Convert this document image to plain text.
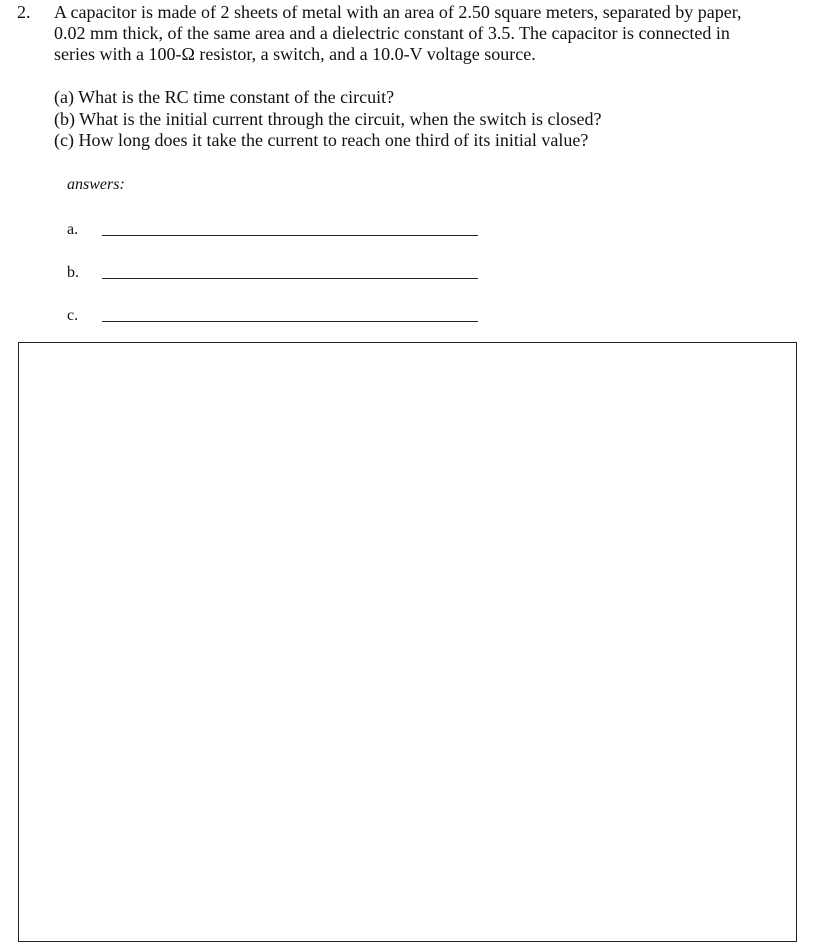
2. A capacitor is made of 2 sheets of metal with an area of 2.50 square meters, separated by paper,
0.02 mm thick, of the same area and a dielectric constant of 3.5. The capacitor is connected in
series with a 100-Ω resistor, a switch, and a 10.0-V voltage source.
(a) What is the RC time constant of the circuit?
(b) What is the initial current through the circuit, when the switch is closed?
(c) How long does it take the current to reach one third of its initial value?
answers:
a.
b.
c.
